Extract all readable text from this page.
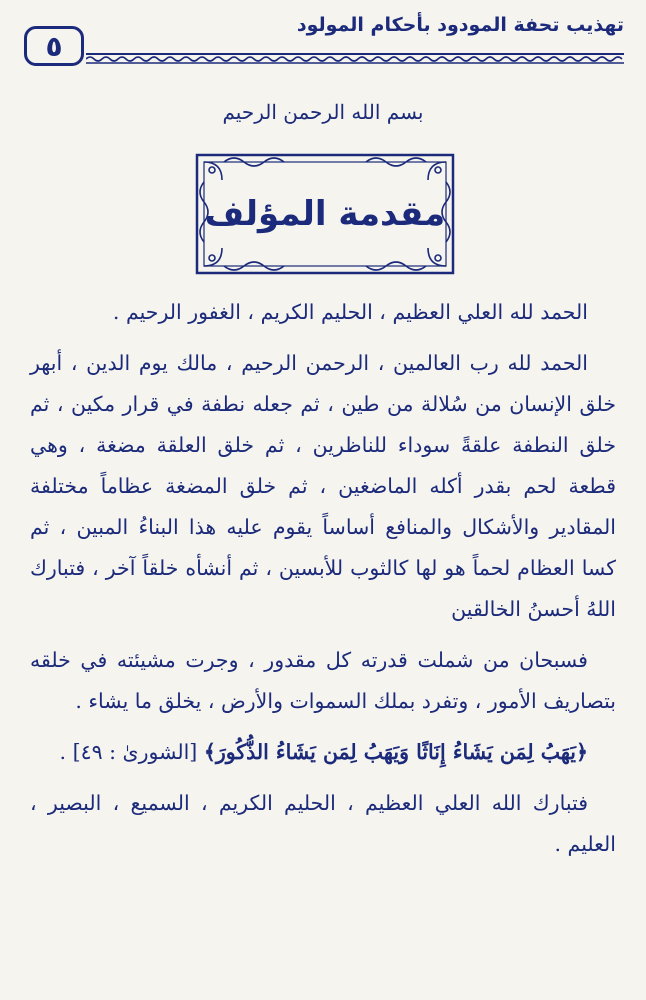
تهذيب تحفة المودود بأحكام المولود
٥
بسم الله الرحمن الرحيم
مقدمة المؤلف

الحمد لله العلي العظيم ، الحليم الكريم ، الغفور الرحيم .

الحمد لله رب العالمين ، الرحمن الرحيم ، مالك يوم الدين ، أبهر خلق الإنسان من سُلالة من طين ، ثم جعله نطفة في قرار مكين ، ثم خلق النطفة علقةً سوداء للناظرين ، ثم خلق العلقة مضغة ، وهي قطعة لحم بقدر أكله الماضغين ، ثم خلق المضغة عظاماً مختلفة المقادير والأشكال والمنافع أساساً يقوم عليه هذا البناءُ المبين ، ثم كسا العظام لحماً هو لها كالثوب للأبسين ، ثم أنشأه خلقاً آخر ، فتبارك اللهُ أحسنُ الخالقين

فسبحان من شملت قدرته كل مقدور ، وجرت مشيئته في خلقه بتصاريف الأمور ، وتفرد بملك السموات والأرض ، يخلق ما يشاء .

﴿يَهَبُ لِمَن يَشَاءُ إِنَاثًا وَيَهَبُ لِمَن يَشَاءُ الذُّكُورَ﴾ [الشورىٰ : ٤٩] .

فتبارك الله العلي العظيم ، الحليم الكريم ، السميع ، البصير ، العليم .
